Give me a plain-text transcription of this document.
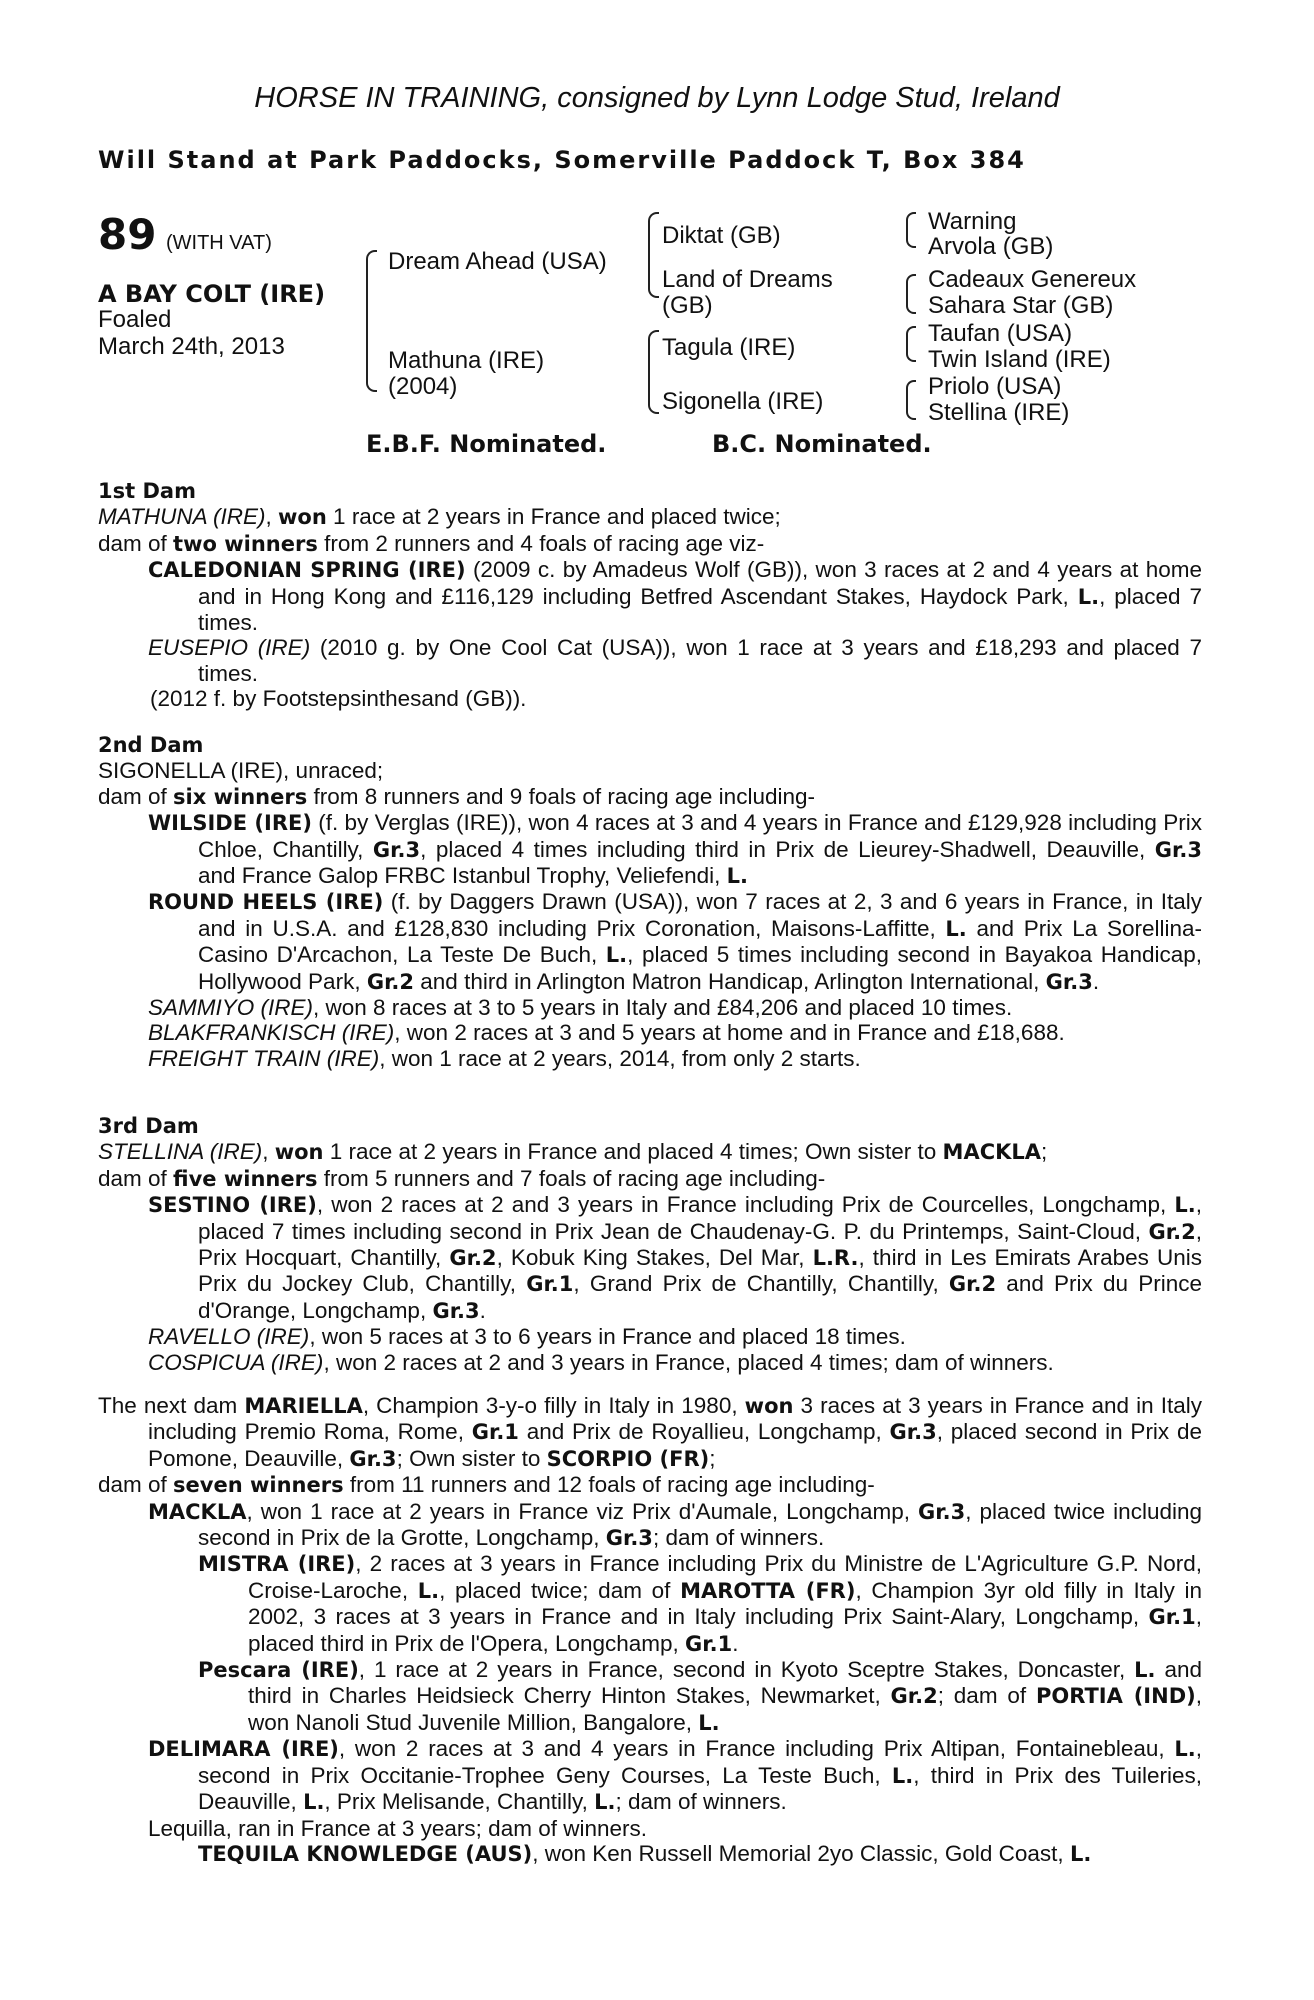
HORSE IN TRAINING, consigned by Lynn Lodge Stud, Ireland
Will Stand at Park Paddocks, Somerville Paddock T, Box 384
89 (WITH VAT)
A BAY COLT (IRE)
Foaled
March 24th, 2013
Dream Ahead (USA)
Mathuna (IRE)
(2004)
Diktat (GB)
Land of Dreams
(GB)
Tagula (IRE)
Sigonella (IRE)
Warning
Arvola (GB)
Cadeaux Genereux
Sahara Star (GB)
Taufan (USA)
Twin Island (IRE)
Priolo (USA)
Stellina (IRE)
E.B.F. Nominated.	B.C. Nominated.

1st Dam

MATHUNA (IRE), won 1 race at 2 years in France and placed twice;

dam of two winners from 2 runners and 4 foals of racing age viz-

CALEDONIAN SPRING (IRE) (2009 c. by Amadeus Wolf (GB)), won 3 races at 2 and 4 years at home and in Hong Kong and £116,129 including Betfred Ascendant Stakes, Haydock Park, L., placed 7 times.

EUSEPIO (IRE) (2010 g. by One Cool Cat (USA)), won 1 race at 3 years and £18,293 and placed 7 times.

(2012 f. by Footstepsinthesand (GB)).

2nd Dam

SIGONELLA (IRE), unraced;

dam of six winners from 8 runners and 9 foals of racing age including-

WILSIDE (IRE) (f. by Verglas (IRE)), won 4 races at 3 and 4 years in France and £129,928 including Prix Chloe, Chantilly, Gr.3, placed 4 times including third in Prix de Lieurey-Shadwell, Deauville, Gr.3 and France Galop FRBC Istanbul Trophy, Veliefendi, L.

ROUND HEELS (IRE) (f. by Daggers Drawn (USA)), won 7 races at 2, 3 and 6 years in France, in Italy and in U.S.A. and £128,830 including Prix Coronation, Maisons-Laffitte, L. and Prix La Sorellina-Casino D'Arcachon, La Teste De Buch, L., placed 5 times including second in Bayakoa Handicap, Hollywood Park, Gr.2 and third in Arlington Matron Handicap, Arlington International, Gr.3.

SAMMIYO (IRE), won 8 races at 3 to 5 years in Italy and £84,206 and placed 10 times.

BLAKFRANKISCH (IRE), won 2 races at 3 and 5 years at home and in France and £18,688.

FREIGHT TRAIN (IRE), won 1 race at 2 years, 2014, from only 2 starts.

3rd Dam

STELLINA (IRE), won 1 race at 2 years in France and placed 4 times; Own sister to MACKLA;

dam of five winners from 5 runners and 7 foals of racing age including-

SESTINO (IRE), won 2 races at 2 and 3 years in France including Prix de Courcelles, Longchamp, L., placed 7 times including second in Prix Jean de Chaudenay-G. P. du Printemps, Saint-Cloud, Gr.2, Prix Hocquart, Chantilly, Gr.2, Kobuk King Stakes, Del Mar, L.R., third in Les Emirats Arabes Unis Prix du Jockey Club, Chantilly, Gr.1, Grand Prix de Chantilly, Chantilly, Gr.2 and Prix du Prince d'Orange, Longchamp, Gr.3.

RAVELLO (IRE), won 5 races at 3 to 6 years in France and placed 18 times.

COSPICUA (IRE), won 2 races at 2 and 3 years in France, placed 4 times; dam of winners.

The next dam MARIELLA, Champion 3-y-o filly in Italy in 1980, won 3 races at 3 years in France and in Italy including Premio Roma, Rome, Gr.1 and Prix de Royallieu, Longchamp, Gr.3, placed second in Prix de Pomone, Deauville, Gr.3; Own sister to SCORPIO (FR);

dam of seven winners from 11 runners and 12 foals of racing age including-

MACKLA, won 1 race at 2 years in France viz Prix d'Aumale, Longchamp, Gr.3, placed twice including second in Prix de la Grotte, Longchamp, Gr.3; dam of winners.

MISTRA (IRE), 2 races at 3 years in France including Prix du Ministre de L'Agriculture G.P. Nord, Croise-Laroche, L., placed twice; dam of MAROTTA (FR), Champion 3yr old filly in Italy in 2002, 3 races at 3 years in France and in Italy including Prix Saint-Alary, Longchamp, Gr.1, placed third in Prix de l'Opera, Longchamp, Gr.1.

Pescara (IRE), 1 race at 2 years in France, second in Kyoto Sceptre Stakes, Doncaster, L. and third in Charles Heidsieck Cherry Hinton Stakes, Newmarket, Gr.2; dam of PORTIA (IND), won Nanoli Stud Juvenile Million, Bangalore, L.

DELIMARA (IRE), won 2 races at 3 and 4 years in France including Prix Altipan, Fontainebleau, L., second in Prix Occitanie-Trophee Geny Courses, La Teste Buch, L., third in Prix des Tuileries, Deauville, L., Prix Melisande, Chantilly, L.; dam of winners.

Lequilla, ran in France at 3 years; dam of winners.

TEQUILA KNOWLEDGE (AUS), won Ken Russell Memorial 2yo Classic, Gold Coast, L.
